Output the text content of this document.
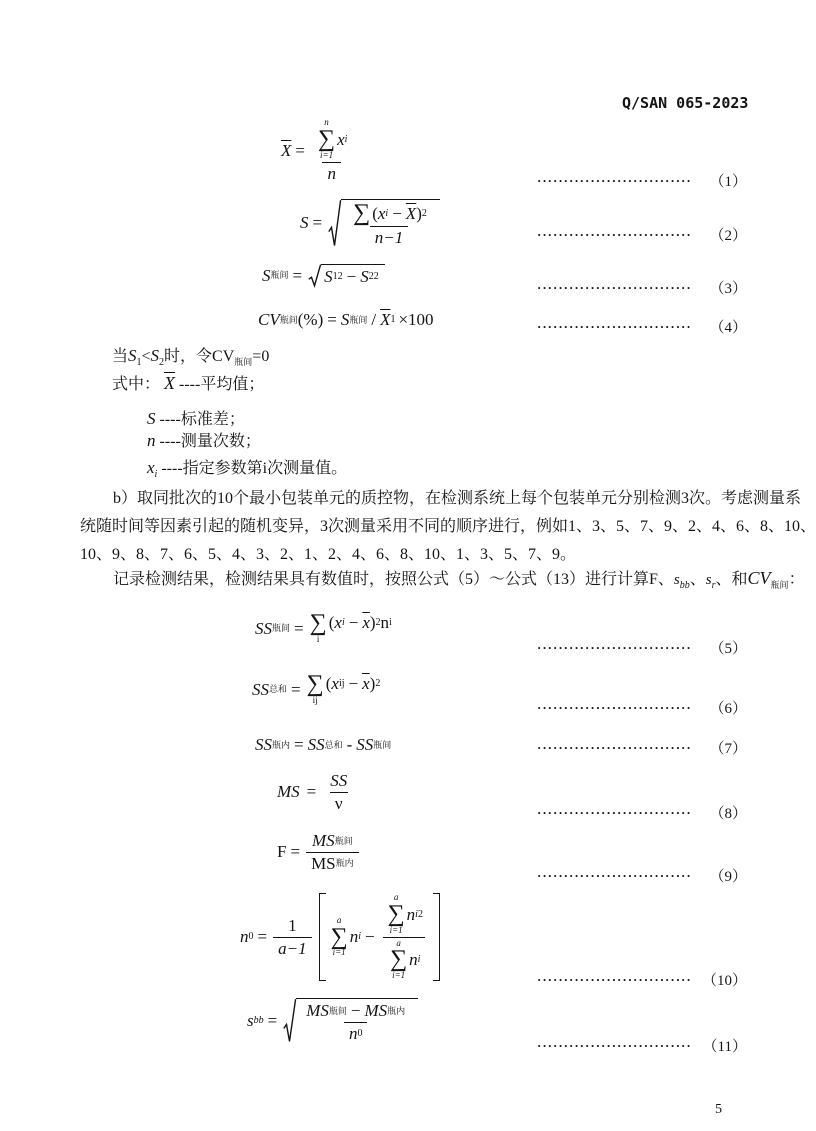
Q/SAN 065-2023
$\overline{X} = n$
∑
i=1
x i
n	····························· （1）
$S = \frac{\sum ( x i - \overline{X} ) 2}{n-1}$	····························· （2）
S 瓶间 = S 1 2 − S 2 2
····························· （3）
CV 瓶间 (%) = S 瓶间 / $\overline{X}$ 1 ×100	····························· （4）
当$S_1<S_2$时，令$CV_{瓶间}=0$
式中： $\overline{X}$ ----平均值；
S ----标准差；
n ----测量次数；
$x_i$ ----指定参数第i次测量值。
b）取同批次的10个最小包装单元的质控物，在检测系统上每个包装单元分别检测3次。考虑测量系
统随时间等因素引起的随机变异，3次测量采用不同的顺序进行，例如1、3、5、7、9、2、4、6、8、10、
10、9、8、7、6、5、4、3、2、1、2、4、6、8、10、1、3、5、7、9。
记录检测结果，检测结果具有数值时，按照公式（5）～公式（13）进行计算F、$s_{bb}$、$s_r$、和$CV_{瓶间}$：
SS 瓶间 = ∑
i
( x $i - \overline{x}$ ) 2 n i
····························· （5）
SS 总和 = ∑
ij
( x ij − $\overline{x}$ ) 2
····························· （6）
SS 瓶内 = SS 总和 - SS 瓶间	····························· （7）
MS = $\frac{SS}{\nu}$	····························· （8）
$F = \frac{\text{MS 瓶间}}{\text{MS 瓶内}}$
····························· （9）
n $0 = \frac{1}{a-1}$	a
∑
i=1
n i − a
∑
i=1
n i 2
a
∑
i=1
n i	····························· （10）
s bb = $\frac{\text{MS 瓶间 − MS 瓶内}}{n 0}$
····························· （11）
5
